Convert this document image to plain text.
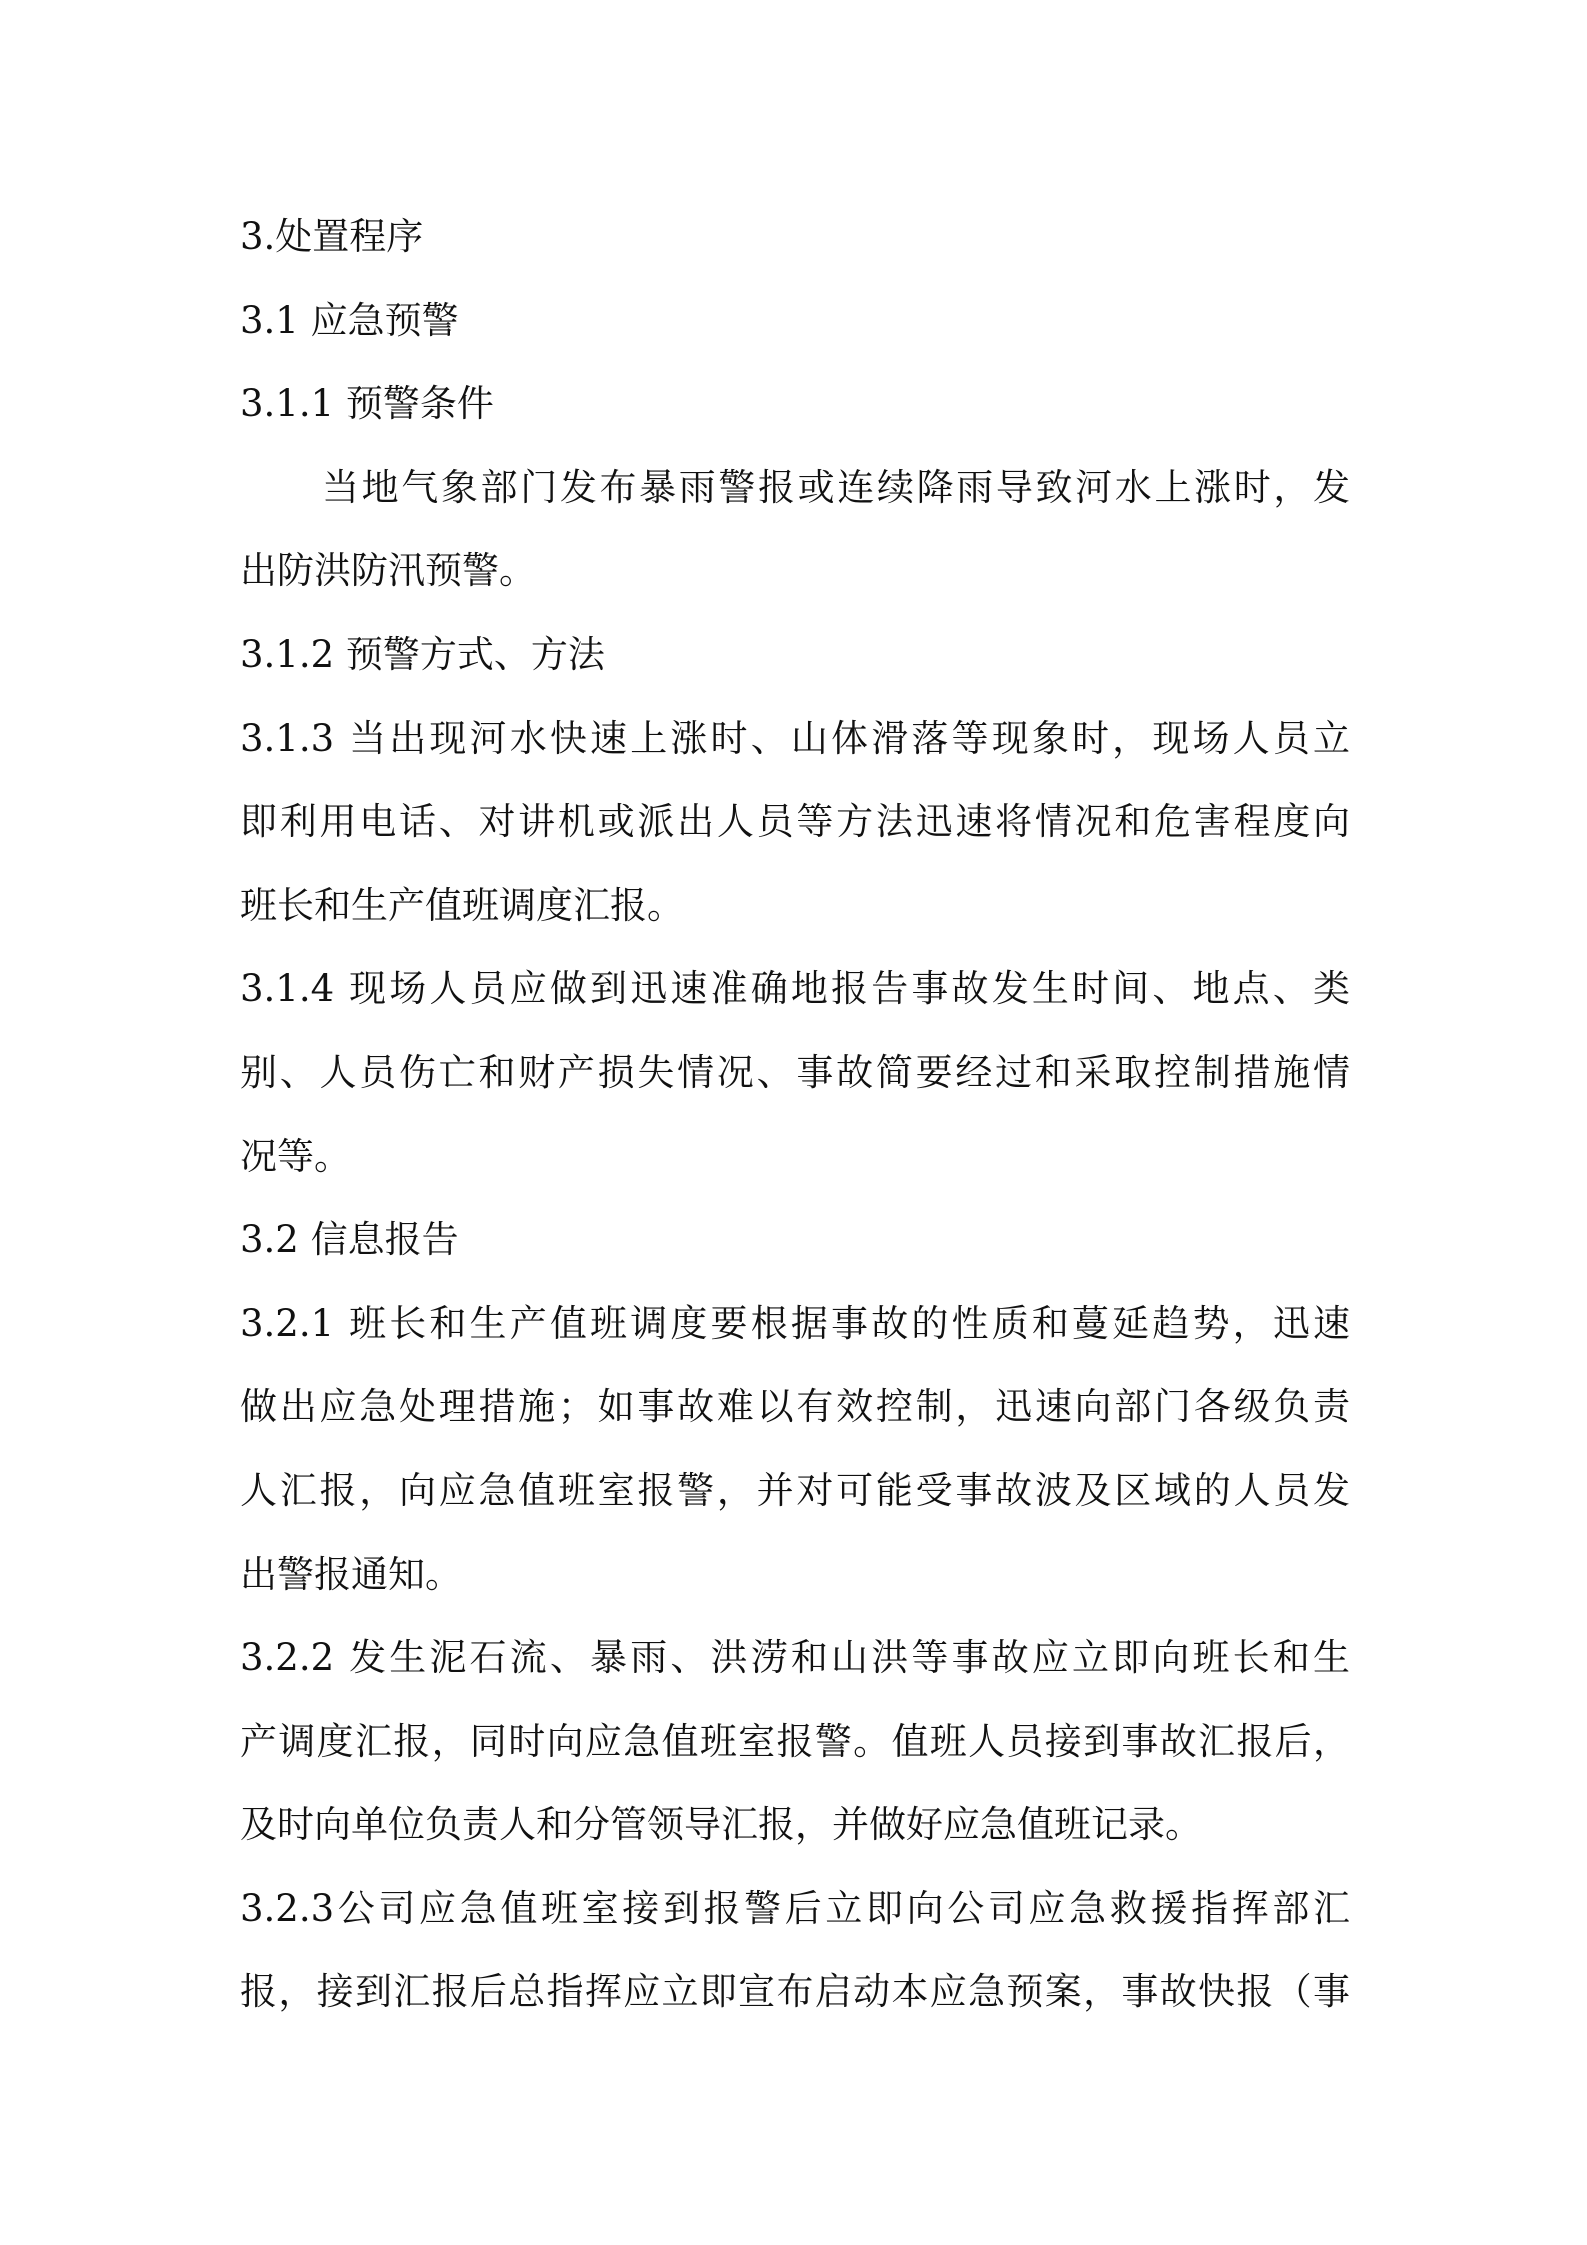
3.处置程序
3.1 应急预警
3.1.1 预警条件
当地气象部门发布暴雨警报或连续降雨导致河水上涨时，发
出防洪防汛预警。
3.1.2 预警方式、方法
3.1.3 当出现河水快速上涨时、山体滑落等现象时，现场人员立
即利用电话、对讲机或派出人员等方法迅速将情况和危害程度向
班长和生产值班调度汇报。
3.1.4 现场人员应做到迅速准确地报告事故发生时间、地点、类
别、人员伤亡和财产损失情况、事故简要经过和采取控制措施情
况等。
3.2 信息报告
3.2.1 班长和生产值班调度要根据事故的性质和蔓延趋势，迅速
做出应急处理措施；如事故难以有效控制，迅速向部门各级负责
人汇报，向应急值班室报警，并对可能受事故波及区域的人员发
出警报通知。
3.2.2 发生泥石流、暴雨、洪涝和山洪等事故应立即向班长和生
产调度汇报，同时向应急值班室报警。值班人员接到事故汇报后，
及时向单位负责人和分管领导汇报，并做好应急值班记录。
3.2.3公司应急值班室接到报警后立即向公司应急救援指挥部汇
报，接到汇报后总指挥应立即宣布启动本应急预案，事故快报（事
